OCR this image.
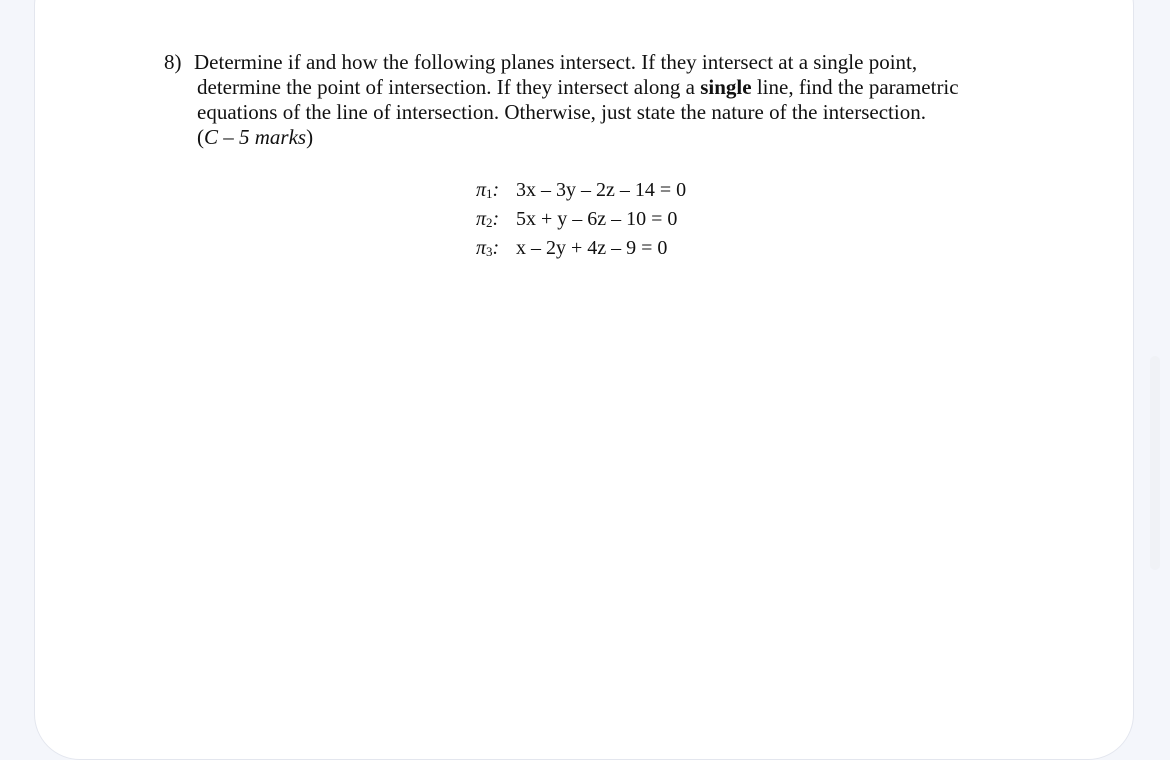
8) Determine if and how the following planes intersect. If they intersect at a single point,
determine the point of intersection. If they intersect along a single line, find the parametric
equations of the line of intersection. Otherwise, just state the nature of the intersection.
(C – 5 marks)
$\pi_1$: 3x – 3y – 2z – 14 = 0
$\pi_2$: 5x + y – 6z – 10 = 0
$\pi_3$: x – 2y + 4z – 9 = 0
